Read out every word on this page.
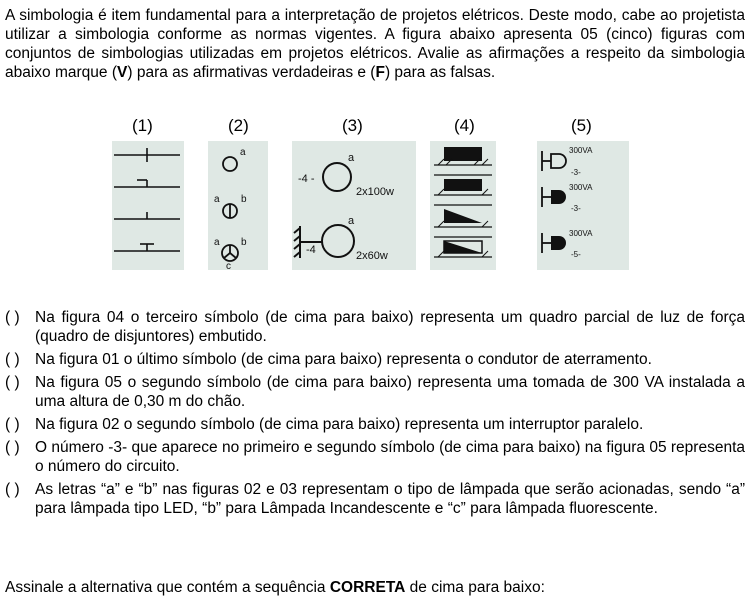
A simbologia é item fundamental para a interpretação de projetos elétricos. Deste modo, cabe ao projetista utilizar a simbologia conforme as normas vigentes. A figura abaixo apresenta 05 (cinco) figuras com conjuntos de simbologias utilizadas em projetos elétricos. Avalie as afirmações a respeito da simbologia abaixo marque (V) para as afirmativas verdadeiras e (F) para as falsas.
(1)	(2)	(3)	(4)	(5)
a
a b
a b
c
-4 -
a
2x100w
a
-4	2x60w
300VA
-3-
300VA
-3-
300VA
-5-
( ) Na figura 04 o terceiro símbolo (de cima para baixo) representa um quadro parcial de luz de força (quadro de disjuntores) embutido.
( ) Na figura 01 o último símbolo (de cima para baixo) representa o condutor de aterramento.
( ) Na figura 05 o segundo símbolo (de cima para baixo) representa uma tomada de 300 VA instalada a uma altura de 0,30 m do chão.
( ) Na figura 02 o segundo símbolo (de cima para baixo) representa um interruptor paralelo.
( ) O número -3- que aparece no primeiro e segundo símbolo (de cima para baixo) na figura 05 representa o número do circuito.
( ) As letras “a” e “b” nas figuras 02 e 03 representam o tipo de lâmpada que serão acionadas, sendo “a” para lâmpada tipo LED, “b” para Lâmpada Incandescente e “c” para lâmpada fluorescente.
Assinale a alternativa que contém a sequência CORRETA de cima para baixo:
